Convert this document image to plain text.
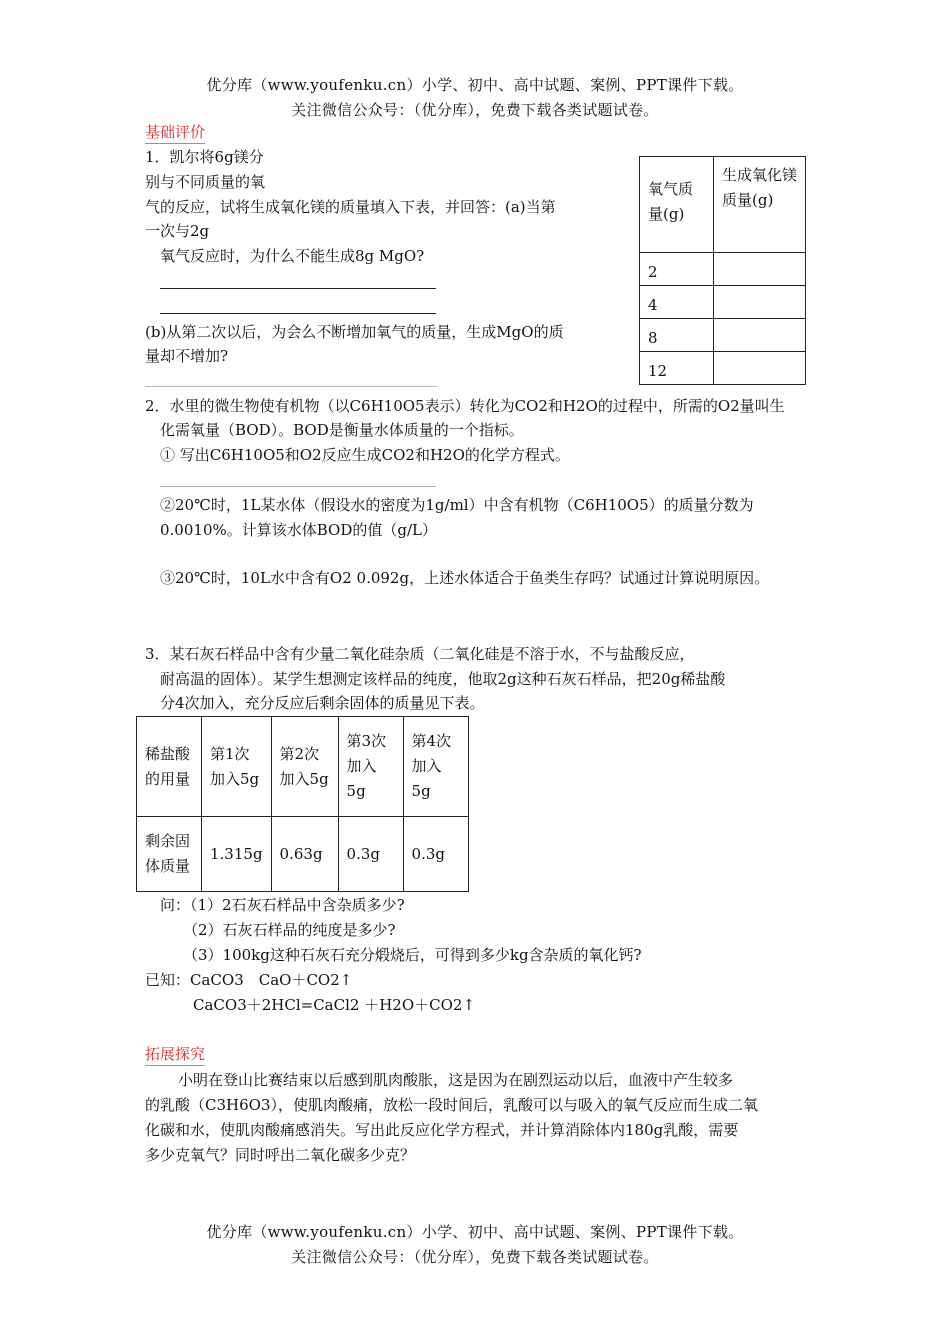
优分库（www.youfenku.cn）小学、初中、高中试题、案例、PPT课件下载。
关注微信公众号：（优分库），免费下载各类试题试卷。
基础评价
1．凯尔将6g镁分
别与不同质量的氧
气的反应，试将生成氧化镁的质量填入下表，并回答：(a)当第
一次与2g
氧气反应时，为什么不能生成8g MgO?
(b)从第二次以后，为会么不断增加氧气的质量，生成MgO的质
量却不增加?
氧气质量(g)	生成氧化镁质量(g)
2	
4	
8	
12	
2．水里的微生物使有机物（以C6H10O5表示）转化为CO2和H2O的过程中，所需的O2量叫生
化需氧量（BOD）。BOD是衡量水体质量的一个指标。
① 写出C6H10O5和O2反应生成CO2和H2O的化学方程式。
②20℃时，1L某水体（假设水的密度为1g/ml）中含有机物（C6H10O5）的质量分数为
0.0010%。计算该水体BOD的值（g/L）
③20℃时，10L水中含有O2 0.092g，上述水体适合于鱼类生存吗？试通过计算说明原因。
3．某石灰石样品中含有少量二氧化硅杂质（二氧化硅是不溶于水，不与盐酸反应，
耐高温的固体）。某学生想测定该样品的纯度，他取2g这种石灰石样品，把20g稀盐酸
分4次加入，充分反应后剩余固体的质量见下表。
稀盐酸的用量	第1次加入5g	第2次加入5g	第3次加入5g	第4次加入5g
剩余固体质量	1.315g	0.63g	0.3g	0.3g
问：（1）2石灰石样品中含杂质多少?
（2）石灰石样品的纯度是多少?
（3）100kg这种石灰石充分煅烧后，可得到多少kg含杂质的氧化钙?
已知：CaCO3　CaO＋CO2↑
CaCO3＋2HCl=CaCl2 ＋H2O＋CO2↑
拓展探究
小明在登山比赛结束以后感到肌肉酸胀，这是因为在剧烈运动以后，血液中产生较多
的乳酸（C3H6O3），使肌肉酸痛，放松一段时间后，乳酸可以与吸入的氧气反应而生成二氧
化碳和水，使肌肉酸痛感消失。写出此反应化学方程式，并计算消除体内180g乳酸，需要
多少克氧气？同时呼出二氧化碳多少克？
优分库（www.youfenku.cn）小学、初中、高中试题、案例、PPT课件下载。
关注微信公众号：（优分库），免费下载各类试题试卷。
